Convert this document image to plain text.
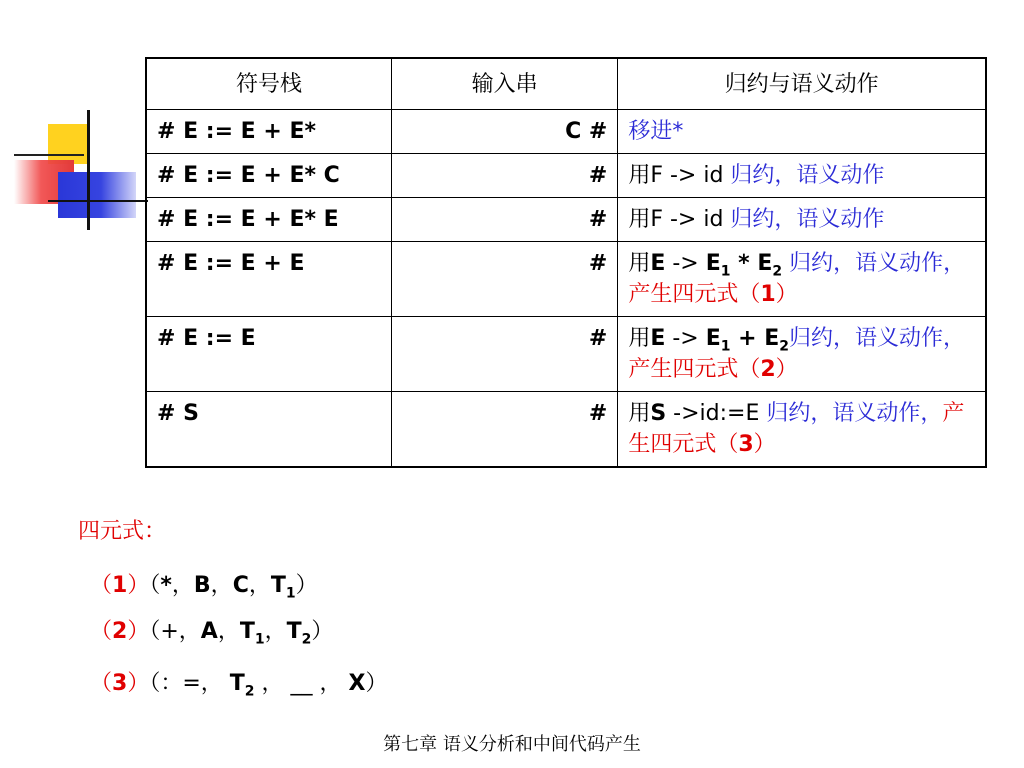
符号栈	输入串	归约与语义动作
# E := E + E*	C #	移进*
# E := E + E* C	#	用F -> id 归约，语义动作
# E := E + E* E	#	用F -> id 归约，语义动作
# E := E + E	#	用$E -> E_1 * E_2$ 归约，语义动作，产生四元式（1）
# E := E	#	用$E -> E_1 + E_2$归约，语义动作，产生四元式（2）
# S	#	用S ->id:=E 归约，语义动作，产生四元式（3）
四元式：
（1）（*，B，C，$T_1$）
（2）（+，A，$T_1$，$T_2$）
（3）（：=， $T_2$ ， __ ， X）
第七章 语义分析和中间代码产生
